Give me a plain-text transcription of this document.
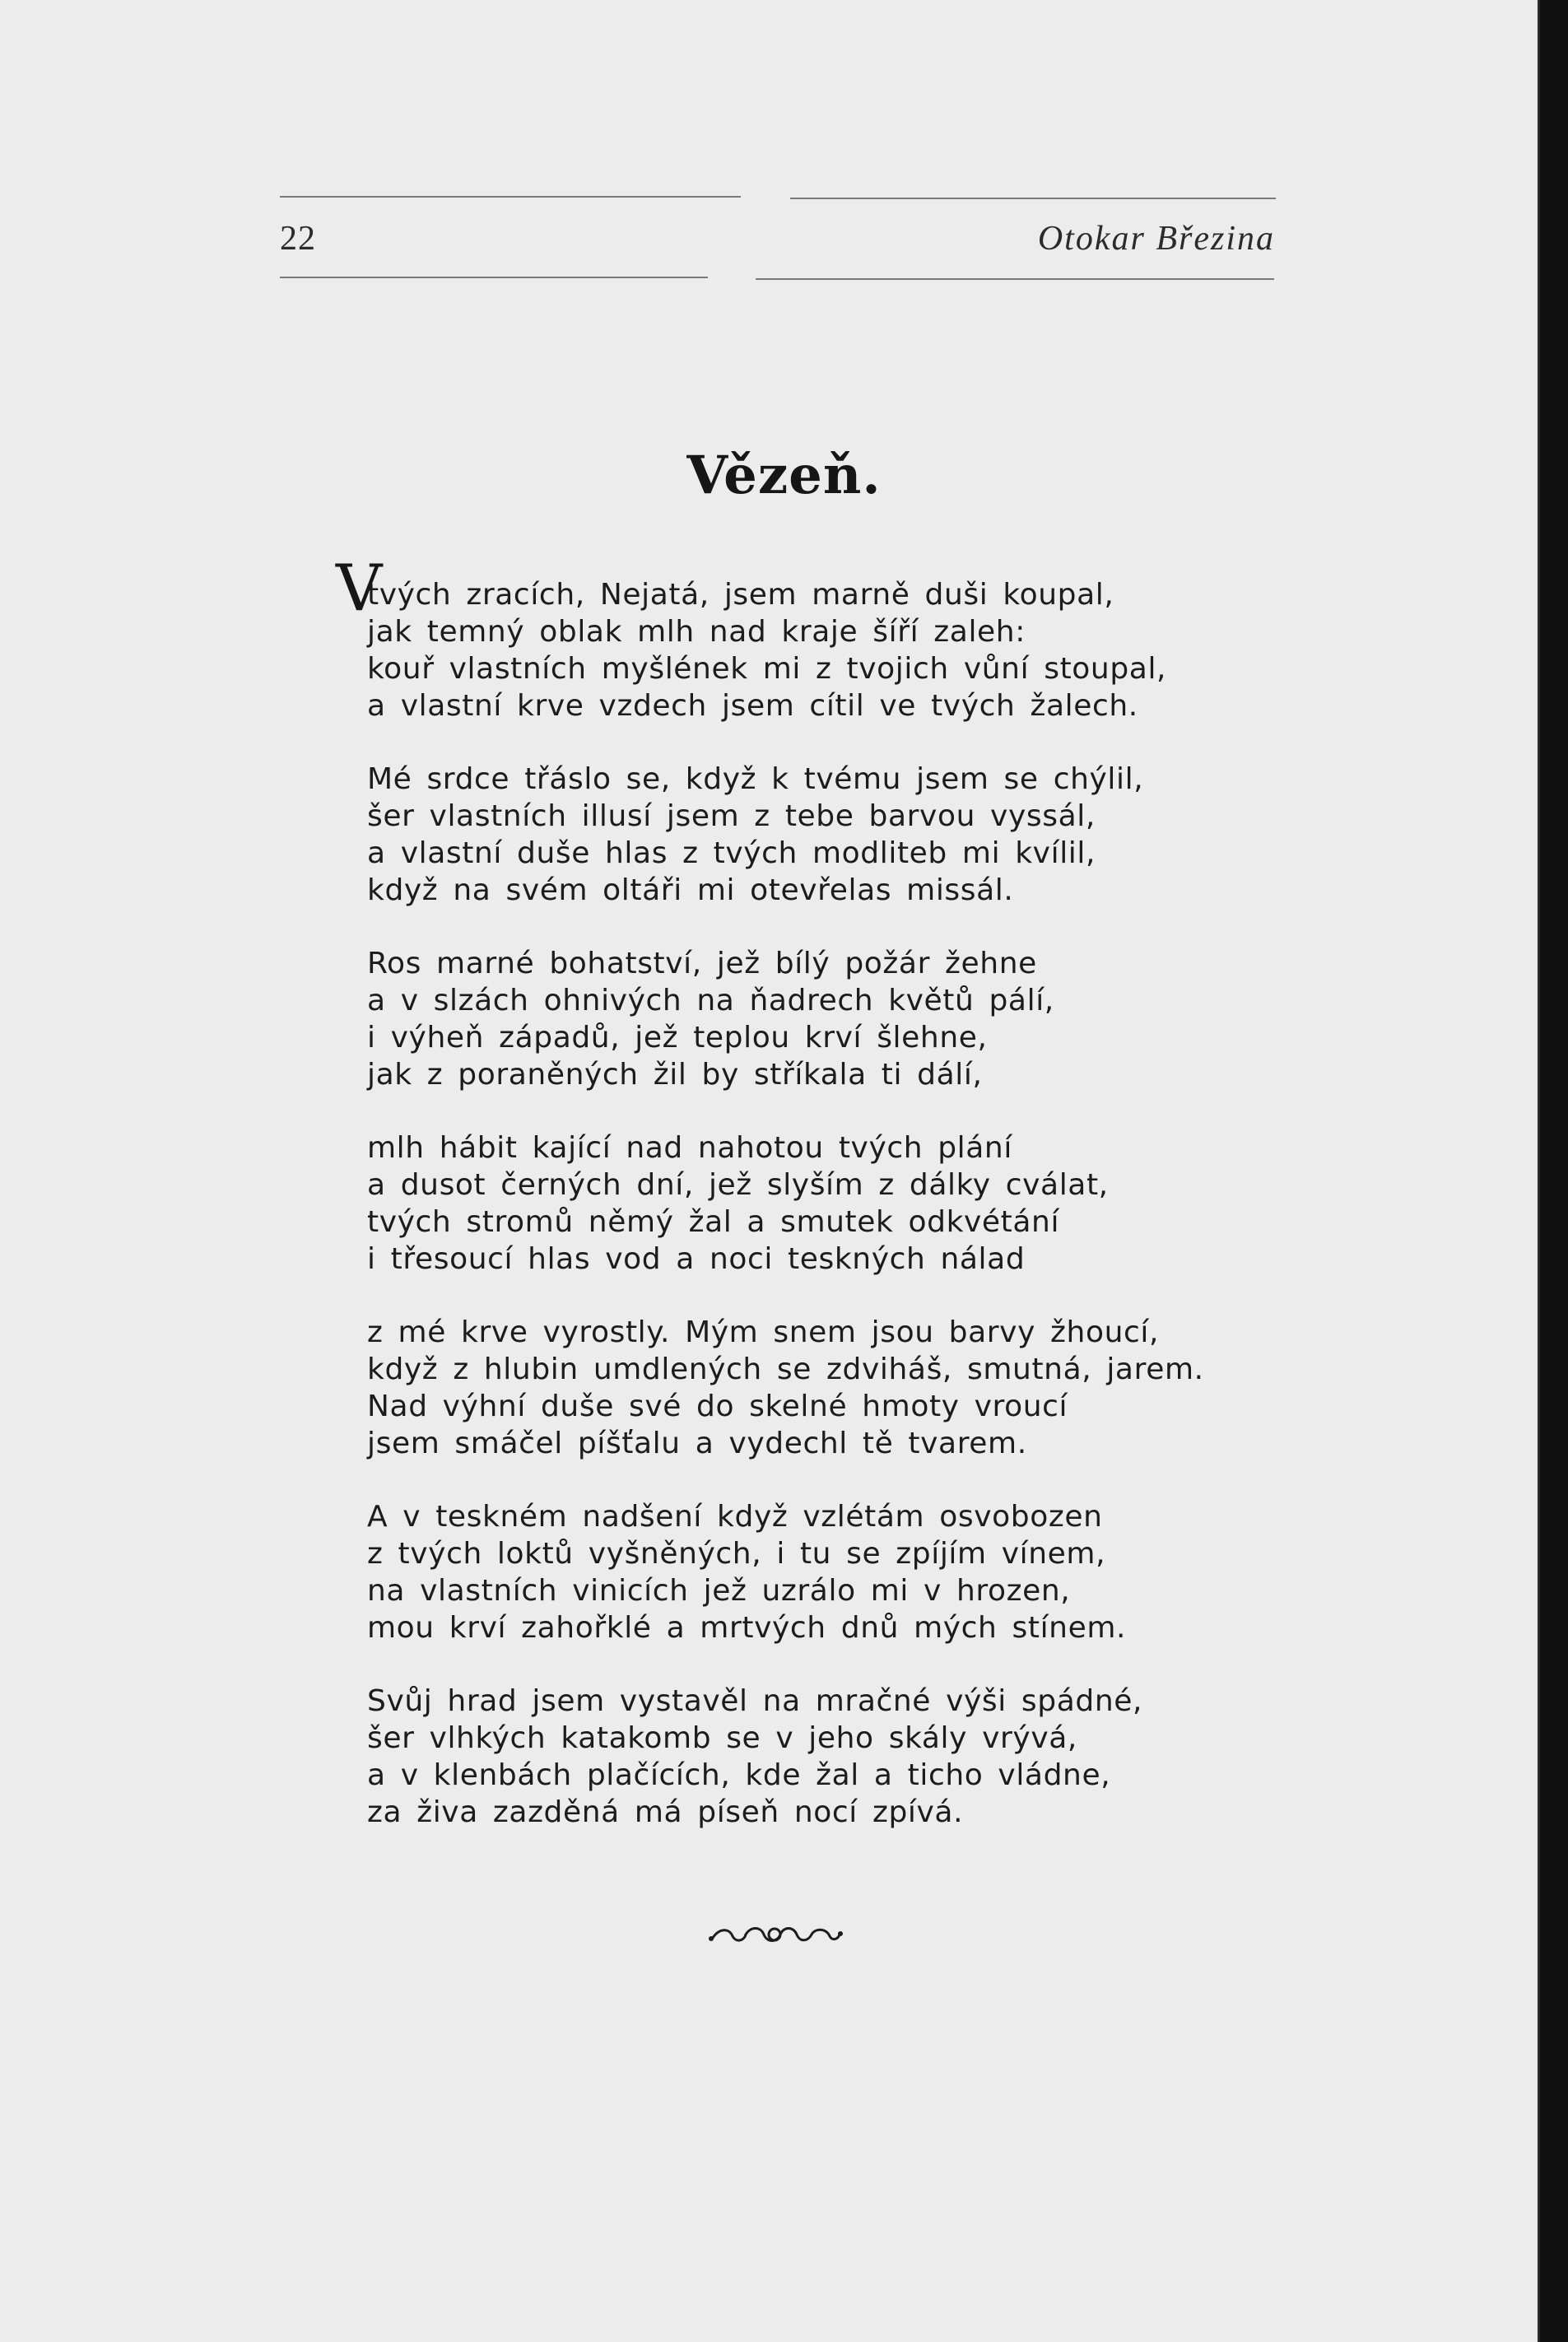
22	Otokar Březina
Vězeň.
V
tvých zracích, Nejatá, jsem marně duši koupal,
jak temný oblak mlh nad kraje šíří zaleh:
kouř vlastních myšlének mi z tvojich vůní stoupal,
a vlastní krve vzdech jsem cítil ve tvých žalech.
Mé srdce třáslo se, když k tvému jsem se chýlil,
šer vlastních illusí jsem z tebe barvou vyssál,
a vlastní duše hlas z tvých modliteb mi kvílil,
když na svém oltáři mi otevřelas missál.
Ros marné bohatství, jež bílý požár žehne
a v slzách ohnivých na ňadrech květů pálí,
i výheň západů, jež teplou krví šlehne,
jak z poraněných žil by stříkala ti dálí,
mlh hábit kající nad nahotou tvých plání
a dusot černých dní, jež slyším z dálky cválat,
tvých stromů němý žal a smutek odkvétání
i třesoucí hlas vod a noci teskných nálad
z mé krve vyrostly. Mým snem jsou barvy žhoucí,
když z hlubin umdlených se zdviháš, smutná, jarem.
Nad výhní duše své do skelné hmoty vroucí
jsem smáčel píšťalu a vydechl tě tvarem.
A v teskném nadšení když vzlétám osvobozen
z tvých loktů vyšněných, i tu se zpíjím vínem,
na vlastních vinicích jež uzrálo mi v hrozen,
mou krví zahořklé a mrtvých dnů mých stínem.
Svůj hrad jsem vystavěl na mračné výši spádné,
šer vlhkých katakomb se v jeho skály vrývá,
a v klenbách plačících, kde žal a ticho vládne,
za živa zazděná má píseň nocí zpívá.
